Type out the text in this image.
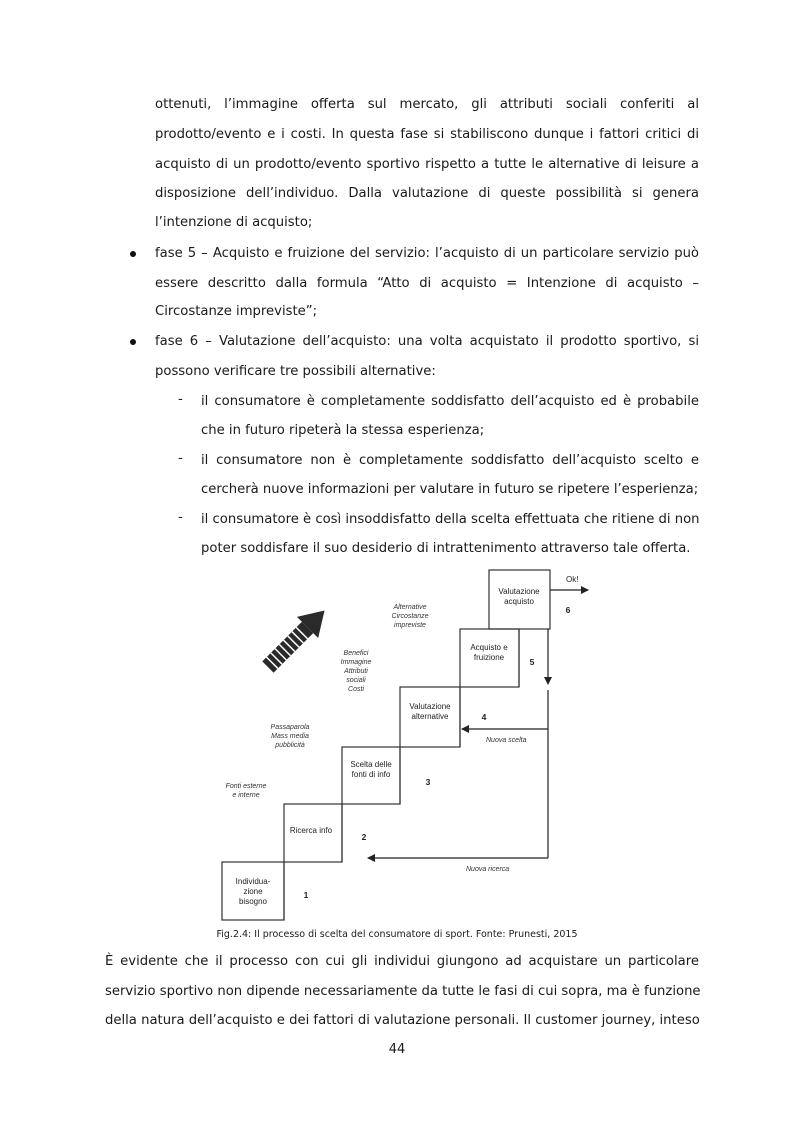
ottenuti, l’immagine offerta sul mercato, gli attributi sociali conferiti al
prodotto/evento e i costi. In questa fase si stabiliscono dunque i fattori critici di
acquisto di un prodotto/evento sportivo rispetto a tutte le alternative di leisure a
disposizione dell’individuo. Dalla valutazione di queste possibilità si genera
l’intenzione di acquisto;
fase 5 – Acquisto e fruizione del servizio: l’acquisto di un particolare servizio può
essere descritto dalla formula “Atto di acquisto = Intenzione di acquisto –
Circostanze impreviste”;
fase 6 – Valutazione dell’acquisto: una volta acquistato il prodotto sportivo, si
possono verificare tre possibili alternative:
- il consumatore è completamente soddisfatto dell’acquisto ed è probabile
che in futuro ripeterà la stessa esperienza;
- il consumatore non è completamente soddisfatto dell’acquisto scelto e
cercherà nuove informazioni per valutare in futuro se ripetere l’esperienza;
- il consumatore è così insoddisfatto della scelta effettuata che ritiene di non
poter soddisfare il suo desiderio di intrattenimento attraverso tale offerta.
Individua-
zione
bisogno
Ricerca info
Scelta delle
fonti di info
Valutazione
alternative
Acquisto e
fruizione
Valutazione
acquisto
1
2
3
4
5
6
Fonti esterne
e interne
Passaparola
Mass media
pubblicità
Benefici
Immagine
Attributi
sociali
Costi
Alternative
Circostanze
impreviste
Ok!
Nuova scelta
Nuova ricerca
Fig.2.4: Il processo di scelta del consumatore di sport. Fonte: Prunesti, 2015
È evidente che il processo con cui gli individui giungono ad acquistare un particolare
servizio sportivo non dipende necessariamente da tutte le fasi di cui sopra, ma è funzione
della natura dell’acquisto e dei fattori di valutazione personali. Il customer journey, inteso
44
